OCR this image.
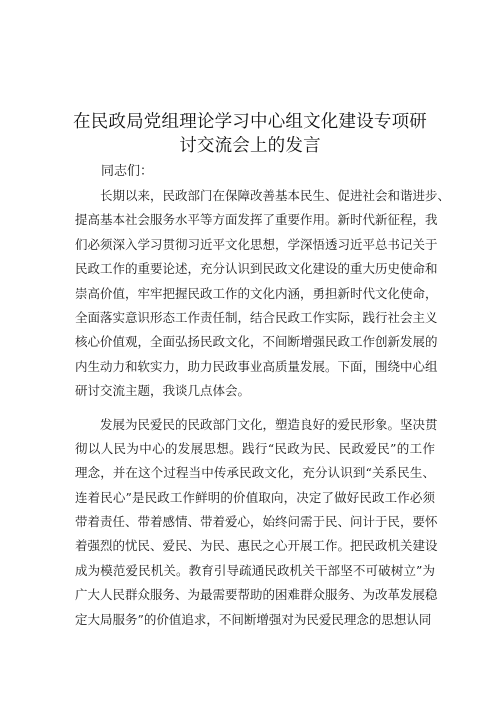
在民政局党组理论学习中心组文化建设专项研
讨交流会上的发言
同志们：
长期以来，民政部门在保障改善基本民生、促进社会和谐进步、
提高基本社会服务水平等方面发挥了重要作用。新时代新征程，我
们必须深入学习贯彻习近平文化思想，学深悟透习近平总书记关于
民政工作的重要论述，充分认识到民政文化建设的重大历史使命和
崇高价值，牢牢把握民政工作的文化内涵，勇担新时代文化使命，
全面落实意识形态工作责任制，结合民政工作实际，践行社会主义
核心价值观，全面弘扬民政文化，不间断增强民政工作创新发展的
内生动力和软实力，助力民政事业高质量发展。下面，围绕中心组
研讨交流主题，我谈几点体会。
发展为民爱民的民政部门文化，塑造良好的爱民形象。坚决贯
彻以人民为中心的发展思想。践行“民政为民、民政爱民”的工作
理念，并在这个过程当中传承民政文化，充分认识到“关系民生、
连着民心”是民政工作鲜明的价值取向，决定了做好民政工作必须
带着责任、带着感情、带着爱心，始终问需于民、问计于民，要怀
着强烈的忧民、爱民、为民、惠民之心开展工作。把民政机关建设
成为模范爱民机关。教育引导疏通民政机关干部坚不可破树立”为
广大人民群众服务、为最需要帮助的困难群众服务、为改革发展稳
定大局服务”的价值追求，不间断增强对为民爱民理念的思想认同
